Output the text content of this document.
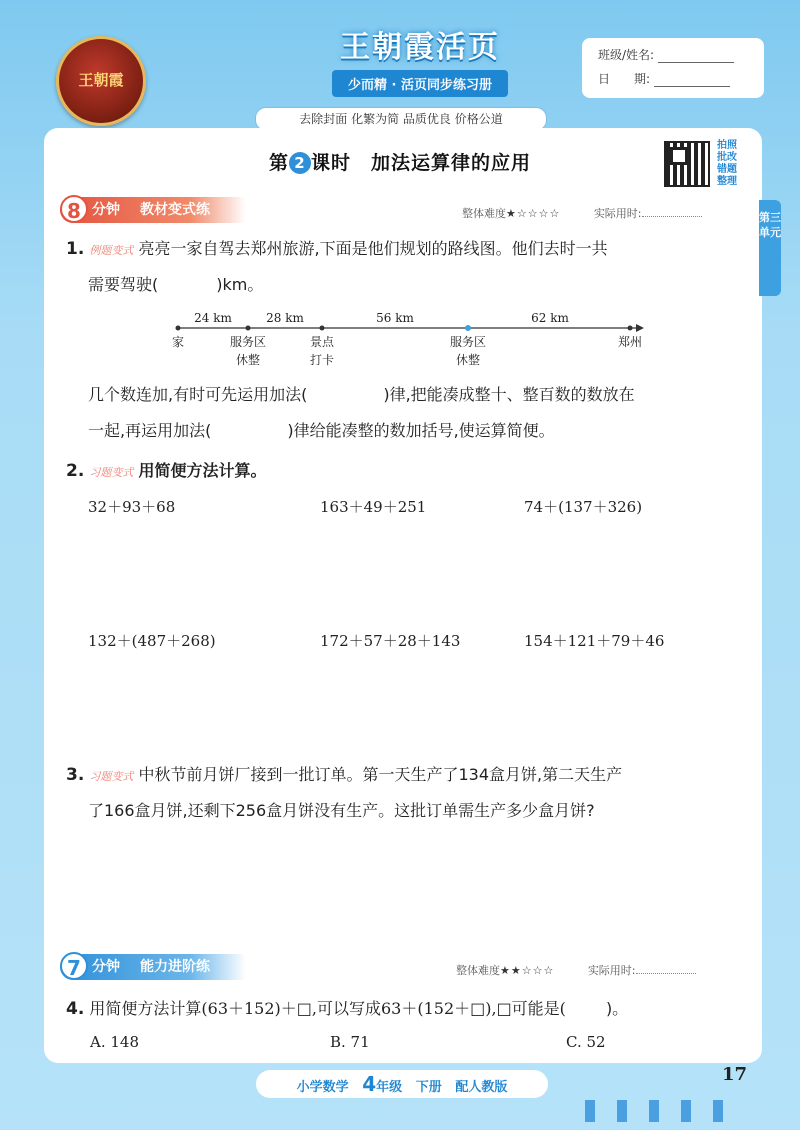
王朝霞
王朝霞活页
少而精 · 活页同步练习册
去除封面 化繁为简 品质优良 价格公道
班级/姓名:
日　　期:
第三单元
第 2 课时　加法运算律的应用
拍照批改错题整理
8 分钟 教材变式练	整体难度★☆☆☆☆	实际用时:
1. 例题变式 亮亮一家自驾去郑州旅游,下面是他们规划的路线图。他们去时一共
需要驾驶(	)km。
24 km	28 km	56 km	62 km
家	服务区
休整
景点
打卡
服务区
休整
郑州
几个数连加,有时可先运用加法(	)律,把能凑成整十、整百数的数放在
一起,再运用加法(	)律给能凑整的数加括号,使运算简便。
2. 习题变式 用简便方法计算。
32＋93＋68	163＋49＋251	74＋(137＋326)
132＋(487＋268)	172＋57＋28＋143	154＋121＋79＋46
3. 习题变式 中秋节前月饼厂接到一批订单。第一天生产了134盒月饼,第二天生产
了166盒月饼,还剩下256盒月饼没有生产。这批订单需生产多少盒月饼?
7 分钟 能力进阶练	整体难度★★☆☆☆	实际用时:
4. 用简便方法计算(63＋152)＋□,可以写成63＋(152＋□),□可能是(	)。
A. 148	B. 71	C. 52
小学数学 4年级 下册 配人教版
17
